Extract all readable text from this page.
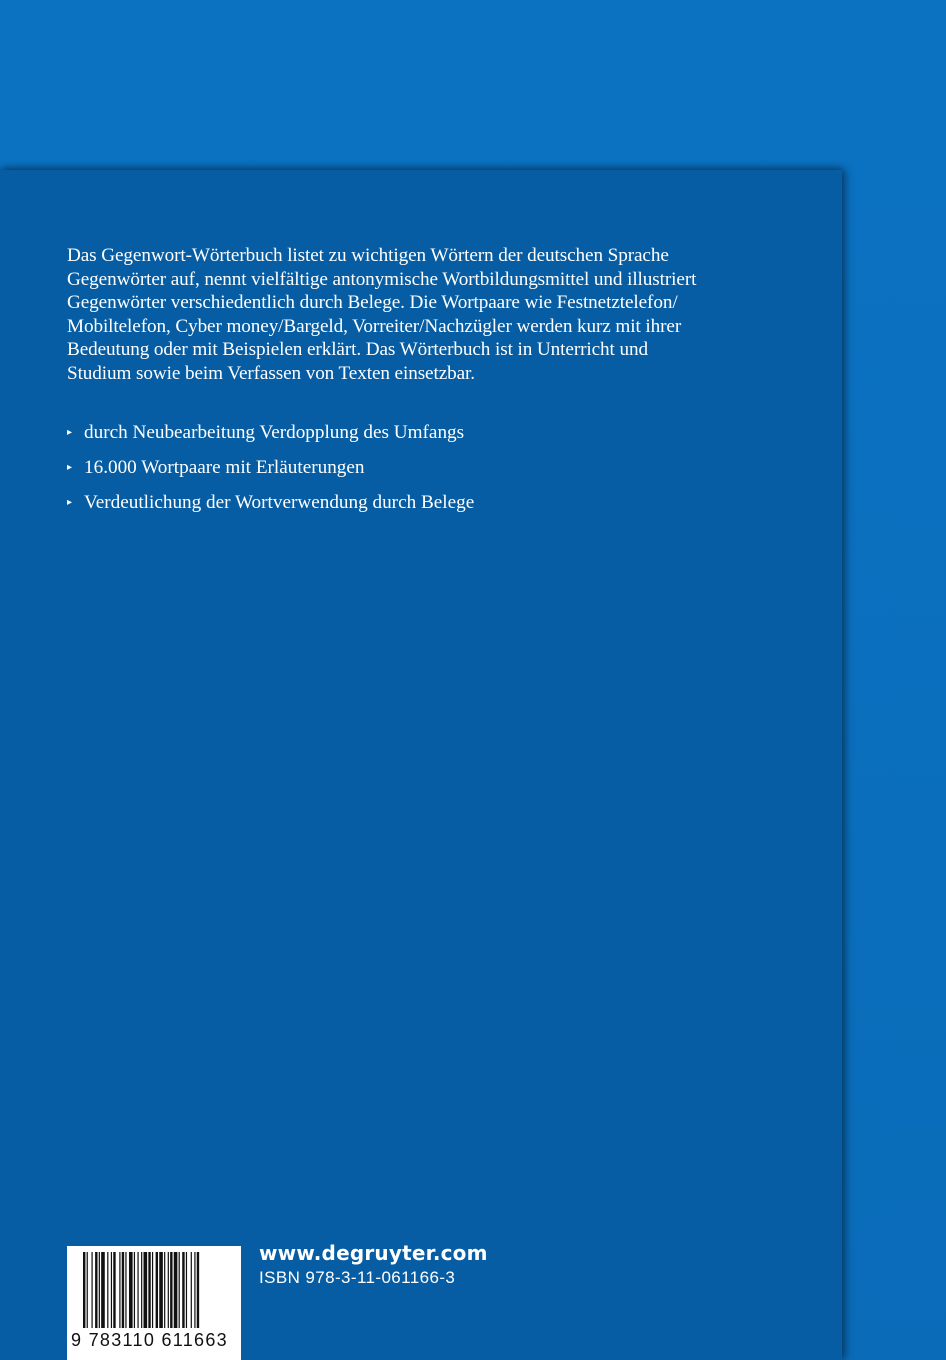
Das Gegenwort-Wörterbuch listet zu wichtigen Wörtern der deutschen Sprache
Gegenwörter auf, nennt vielfältige antonymische Wortbildungsmittel und illustriert
Gegenwörter verschiedentlich durch Belege. Die Wortpaare wie Festnetztelefon/
Mobiltelefon, Cyber money/Bargeld, Vorreiter/Nachzügler werden kurz mit ihrer
Bedeutung oder mit Beispielen erklärt. Das Wörterbuch ist in Unterricht und
Studium sowie beim Verfassen von Texten einsetzbar.

▸ durch Neubearbeitung Verdopplung des Umfangs
▸ 16.000 Wortpaare mit Erläuterungen
▸ Verdeutlichung der Wortverwendung durch Belege
9 783110 611663
www.degruyter.com
ISBN 978-3-11-061166-3
